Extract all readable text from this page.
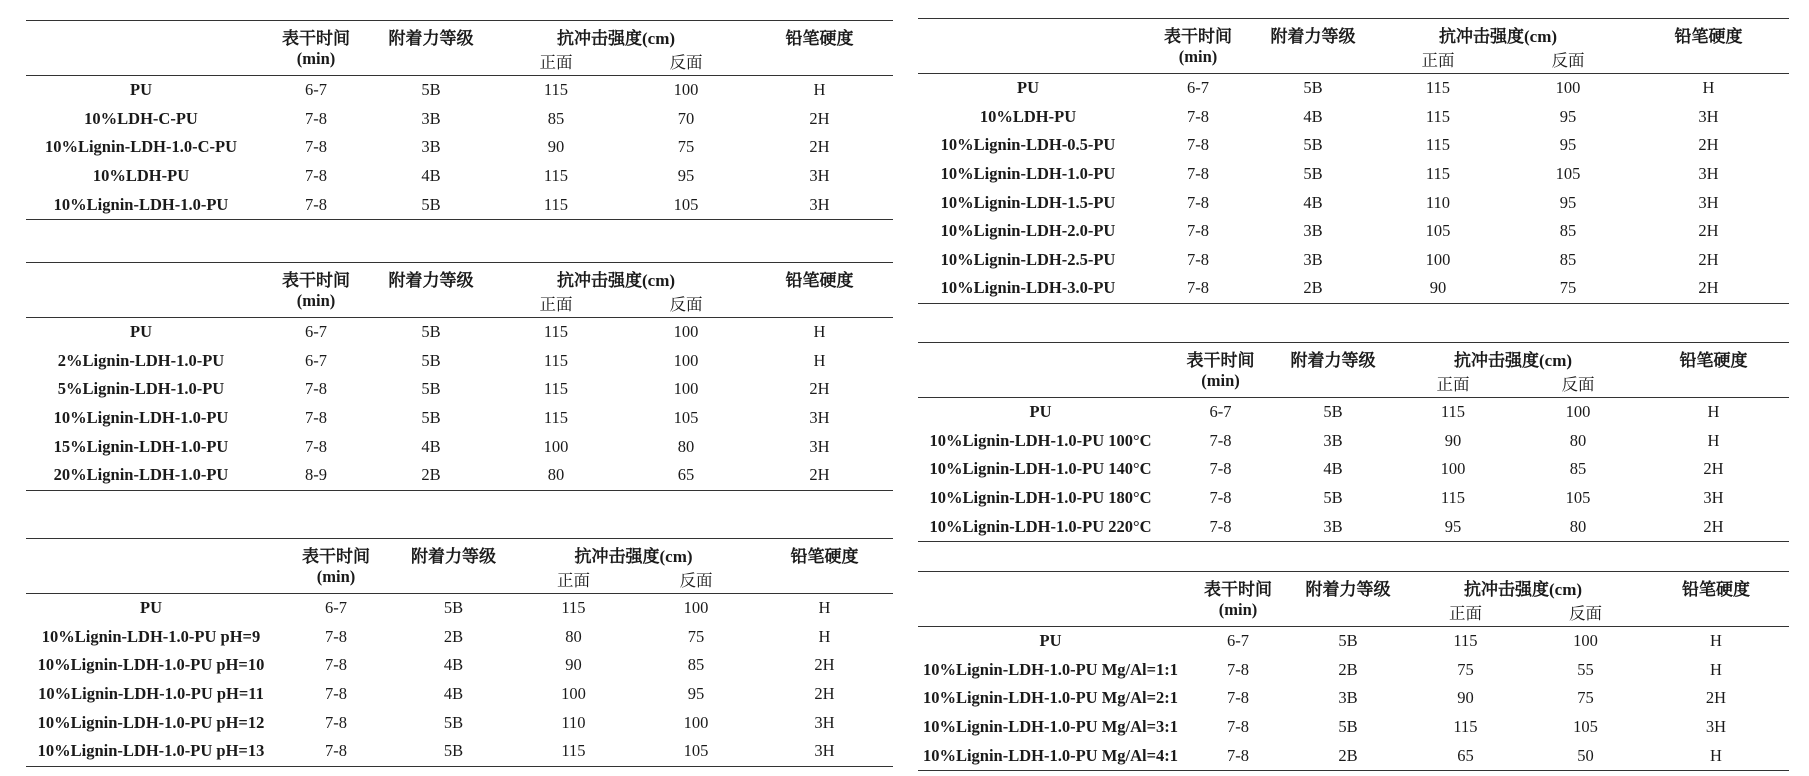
	表干时间	附着力等级	抗冲击强度(cm)		铅笔硬度
	(min)		正面	反面	
PU	6-7	5B	115	100	H
10%LDH-C-PU	7-8	3B	85	70	2H
10%Lignin-LDH-1.0-C-PU	7-8	3B	90	75	2H
10%LDH-PU	7-8	4B	115	95	3H
10%Lignin-LDH-1.0-PU	7-8	5B	115	105	3H
	表干时间	附着力等级	抗冲击强度(cm)		铅笔硬度
	(min)		正面	反面	
PU	6-7	5B	115	100	H
2%Lignin-LDH-1.0-PU	6-7	5B	115	100	H
5%Lignin-LDH-1.0-PU	7-8	5B	115	100	2H
10%Lignin-LDH-1.0-PU	7-8	5B	115	105	3H
15%Lignin-LDH-1.0-PU	7-8	4B	100	80	3H
20%Lignin-LDH-1.0-PU	8-9	2B	80	65	2H
	表干时间	附着力等级	抗冲击强度(cm)		铅笔硬度
	(min)		正面	反面	
PU	6-7	5B	115	100	H
10%Lignin-LDH-1.0-PU pH=9	7-8	2B	80	75	H
10%Lignin-LDH-1.0-PU pH=10	7-8	4B	90	85	2H
10%Lignin-LDH-1.0-PU pH=11	7-8	4B	100	95	2H
10%Lignin-LDH-1.0-PU pH=12	7-8	5B	110	100	3H
10%Lignin-LDH-1.0-PU pH=13	7-8	5B	115	105	3H
	表干时间	附着力等级	抗冲击强度(cm)		铅笔硬度
	(min)		正面	反面	
PU	6-7	5B	115	100	H
10%LDH-PU	7-8	4B	115	95	3H
10%Lignin-LDH-0.5-PU	7-8	5B	115	95	2H
10%Lignin-LDH-1.0-PU	7-8	5B	115	105	3H
10%Lignin-LDH-1.5-PU	7-8	4B	110	95	3H
10%Lignin-LDH-2.0-PU	7-8	3B	105	85	2H
10%Lignin-LDH-2.5-PU	7-8	3B	100	85	2H
10%Lignin-LDH-3.0-PU	7-8	2B	90	75	2H
	表干时间	附着力等级	抗冲击强度(cm)		铅笔硬度
	(min)		正面	反面	
PU	6-7	5B	115	100	H
10%Lignin-LDH-1.0-PU 100°C	7-8	3B	90	80	H
10%Lignin-LDH-1.0-PU 140°C	7-8	4B	100	85	2H
10%Lignin-LDH-1.0-PU 180°C	7-8	5B	115	105	3H
10%Lignin-LDH-1.0-PU 220°C	7-8	3B	95	80	2H
	表干时间	附着力等级	抗冲击强度(cm)		铅笔硬度
	(min)		正面	反面	
PU	6-7	5B	115	100	H
10%Lignin-LDH-1.0-PU Mg/Al=1:1	7-8	2B	75	55	H
10%Lignin-LDH-1.0-PU Mg/Al=2:1	7-8	3B	90	75	2H
10%Lignin-LDH-1.0-PU Mg/Al=3:1	7-8	5B	115	105	3H
10%Lignin-LDH-1.0-PU Mg/Al=4:1	7-8	2B	65	50	H
